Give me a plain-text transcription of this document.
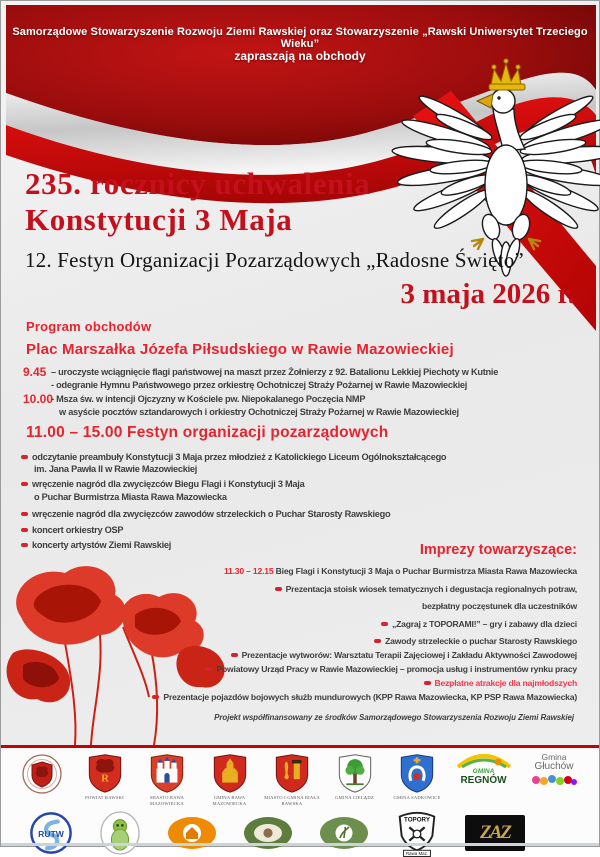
Samorządowe Stowarzyszenie Rozwoju Ziemi Rawskiej oraz Stowarzyszenie „Rawski Uniwersytet Trzeciego Wieku”
zapraszają na obchody
235. rocznicy uchwalenia
Konstytucji 3 Maja
12. Festyn Organizacji Pozarządowych „Radosne Święto”
3 maja 2026 r.
Program obchodów
Plac Marszałka Józefa Piłsudskiego w Rawie Mazowieckiej
9.45 – uroczyste wciągnięcie flagi państwowej na maszt przez Żołnierzy z 92. Batalionu Lekkiej Piechoty w Kutnie
- odegranie Hymnu Państwowego przez orkiestrę Ochotniczej Straży Pożarnej w Rawie Mazowieckiej
10.00
- Msza św. w intencji Ojczyzny w Kościele pw. Niepokalanego Poczęcia NMP
w asyście pocztów sztandarowych i orkiestry Ochotniczej Straży Pożarnej w Rawie Mazowieckiej
11.00 – 15.00 Festyn organizacji pozarządowych
odczytanie preambuły Konstytucji 3 Maja przez młodzież z Katolickiego Liceum Ogólnokształcącego
im. Jana Pawła II w Rawie Mazowieckiej
wręczenie nagród dla zwycięzców Biegu Flagi i Konstytucji 3 Maja
o Puchar Burmistrza Miasta Rawa Mazowiecka
wręczenie nagród dla zwycięzców zawodów strzeleckich o Puchar Starosty Rawskiego
koncert orkiestry OSP
koncerty artystów Ziemi Rawskiej	Imprezy towarzyszące:
11.30 – 12.15 Bieg Flagi i Konstytucji 3 Maja o Puchar Burmistrza Miasta Rawa Mazowiecka
Prezentacja stoisk wiosek tematycznych i degustacja regionalnych potraw,
bezpłatny poczęstunek dla uczestników
„Zagraj z TOPORAMI!” – gry i zabawy dla dzieci
Zawody strzeleckie o puchar Starosty Rawskiego
Prezentacje wytworów: Warsztatu Terapii Zajęciowej i Zakładu Aktywności Zawodowej
Powiatowy Urząd Pracy w Rawie Mazowieckiej – promocja usług i instrumentów rynku pracy
Bezpłatne atrakcje dla najmłodszych
Prezentacje pojazdów bojowych służb mundurowych (KPP Rawa Mazowiecka, KP PSP Rawa Mazowiecka)
Projekt współfinansowany ze środków Samorządowego Stowarzyszenia Rozwoju Ziemi Rawskiej
R
POWIAT RAWSKI	MIASTO RAWA MAZOWIECKA
GMINA RAWA MAZOWIECKA
MIASTO I GMINA BIAŁA RAWSKA
GMINA CIELĄDZ	GMINA SADKOWICE
GMINA
REGNÓW
Gmina
Głuchów
RUTW
TOPORY
Rawa Maz.
ZAZ
